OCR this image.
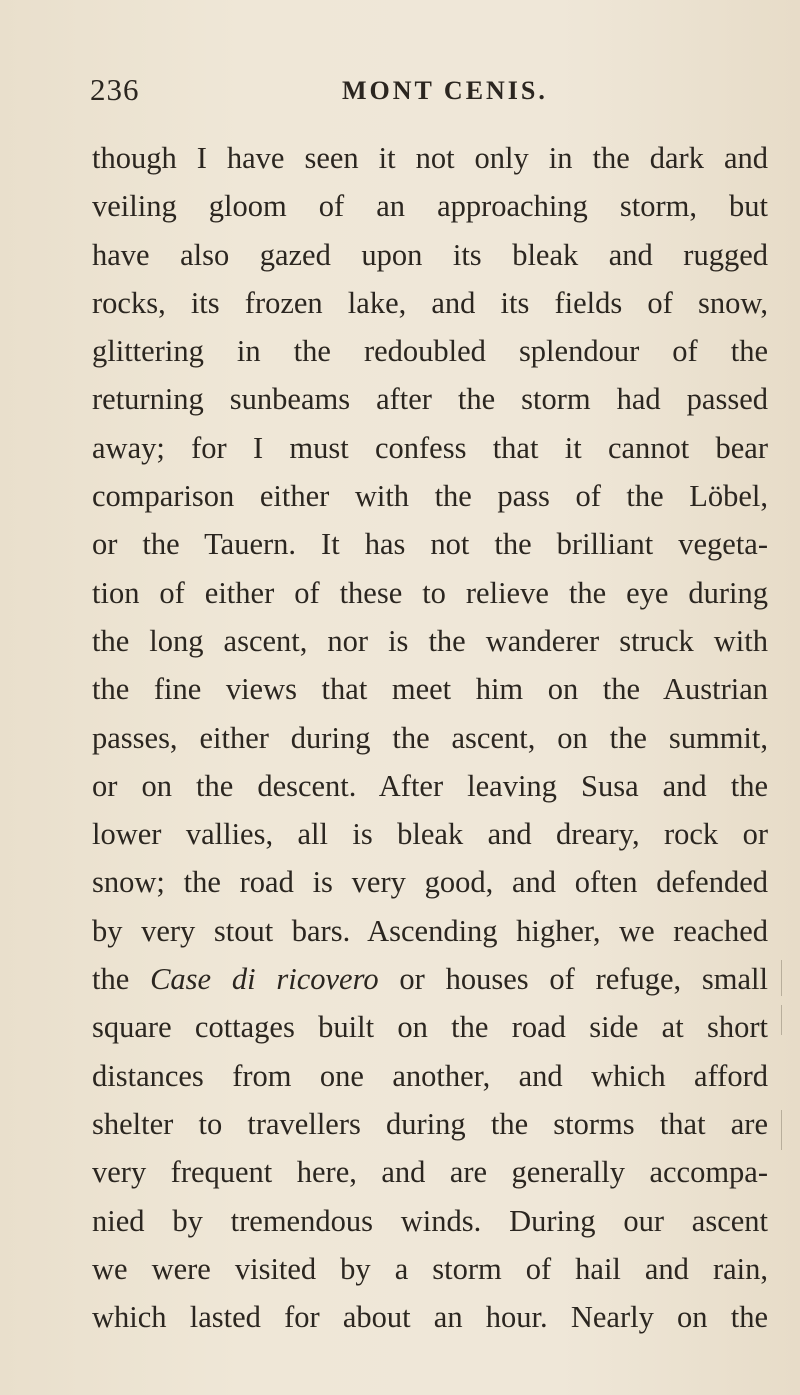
236	MONT CENIS.
though I have seen it not only in the dark and
veiling gloom of an approaching storm, but
have also gazed upon its bleak and rugged
rocks, its frozen lake, and its fields of snow,
glittering in the redoubled splendour of the
returning sunbeams after the storm had passed
away; for I must confess that it cannot bear
comparison either with the pass of the Löbel,
or the Tauern. It has not the brilliant vegeta-
tion of either of these to relieve the eye during
the long ascent, nor is the wanderer struck with
the fine views that meet him on the Austrian
passes, either during the ascent, on the summit,
or on the descent. After leaving Susa and the
lower vallies, all is bleak and dreary, rock or
snow; the road is very good, and often defended
by very stout bars. Ascending higher, we reached
the Case di ricovero or houses of refuge, small
square cottages built on the road side at short
distances from one another, and which afford
shelter to travellers during the storms that are
very frequent here, and are generally accompa-
nied by tremendous winds. During our ascent
we were visited by a storm of hail and rain,
which lasted for about an hour. Nearly on the
